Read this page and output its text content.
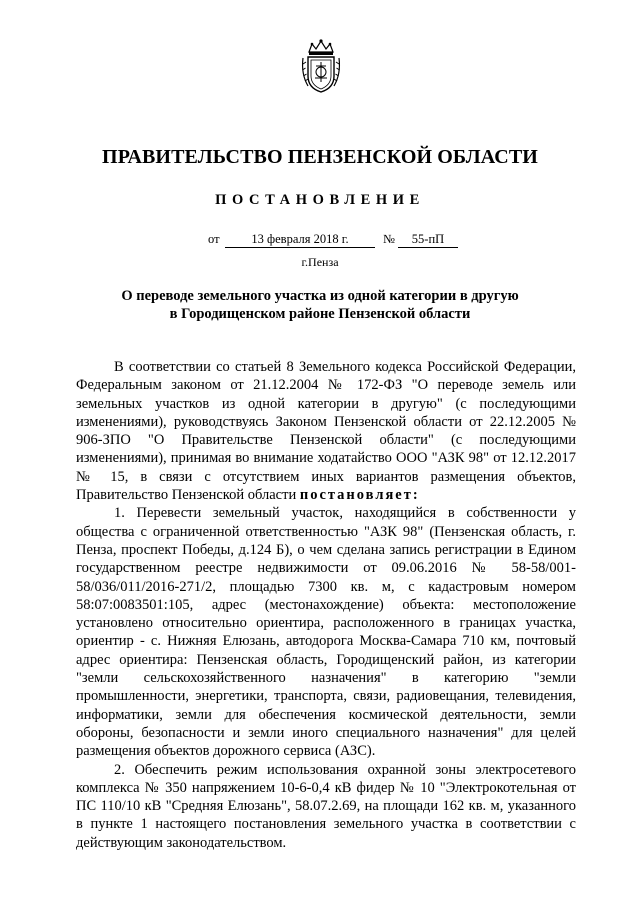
ПРАВИТЕЛЬСТВО ПЕНЗЕНСКОЙ ОБЛАСТИ
ПОСТАНОВЛЕНИЕ
от	13 февраля 2018 г.	№	55-пП
г.Пенза
О переводе земельного участка из одной категории в другую
в Городищенском районе Пензенской области

В соответствии со статьей 8 Земельного кодекса Российской Федерации, Федеральным законом от 21.12.2004 № 172-ФЗ "О переводе земель или земельных участков из одной категории в другую" (с последующими изменениями), руководствуясь Законом Пензенской области от 22.12.2005 № 906-ЗПО "О Правительстве Пензенской области" (с последующими изменениями), принимая во внимание ходатайство ООО "АЗК 98" от 12.12.2017 № 15, в связи с отсутствием иных вариантов размещения объектов, Правительство Пензенской области постановляет:

1. Перевести земельный участок, находящийся в собственности у общества с ограниченной ответственностью "АЗК 98" (Пензенская область, г. Пенза, проспект Победы, д.124 Б), о чем сделана запись регистрации в Едином государственном реестре недвижимости от 09.06.2016 № 58-58/001-58/036/011/2016-271/2, площадью 7300 кв. м, с кадастровым номером 58:07:0083501:105, адрес (местонахождение) объекта: местоположение установлено относительно ориентира, расположенного в границах участка, ориентир - с. Нижняя Елюзань, автодорога Москва-Самара 710 км, почтовый адрес ориентира: Пензенская область, Городищенский район, из категории "земли сельскохозяйственного назначения" в категорию "земли промышленности, энергетики, транспорта, связи, радиовещания, телевидения, информатики, земли для обеспечения космической деятельности, земли обороны, безопасности и земли иного специального назначения" для целей размещения объектов дорожного сервиса (АЗС).

2. Обеспечить режим использования охранной зоны электросетевого комплекса № 350 напряжением 10-6-0,4 кВ фидер № 10 "Электрокотельная от ПС 110/10 кВ "Средняя Елюзань", 58.07.2.69, на площади 162 кв. м, указанного в пункте 1 настоящего постановления земельного участка в соответствии с действующим законодательством.
